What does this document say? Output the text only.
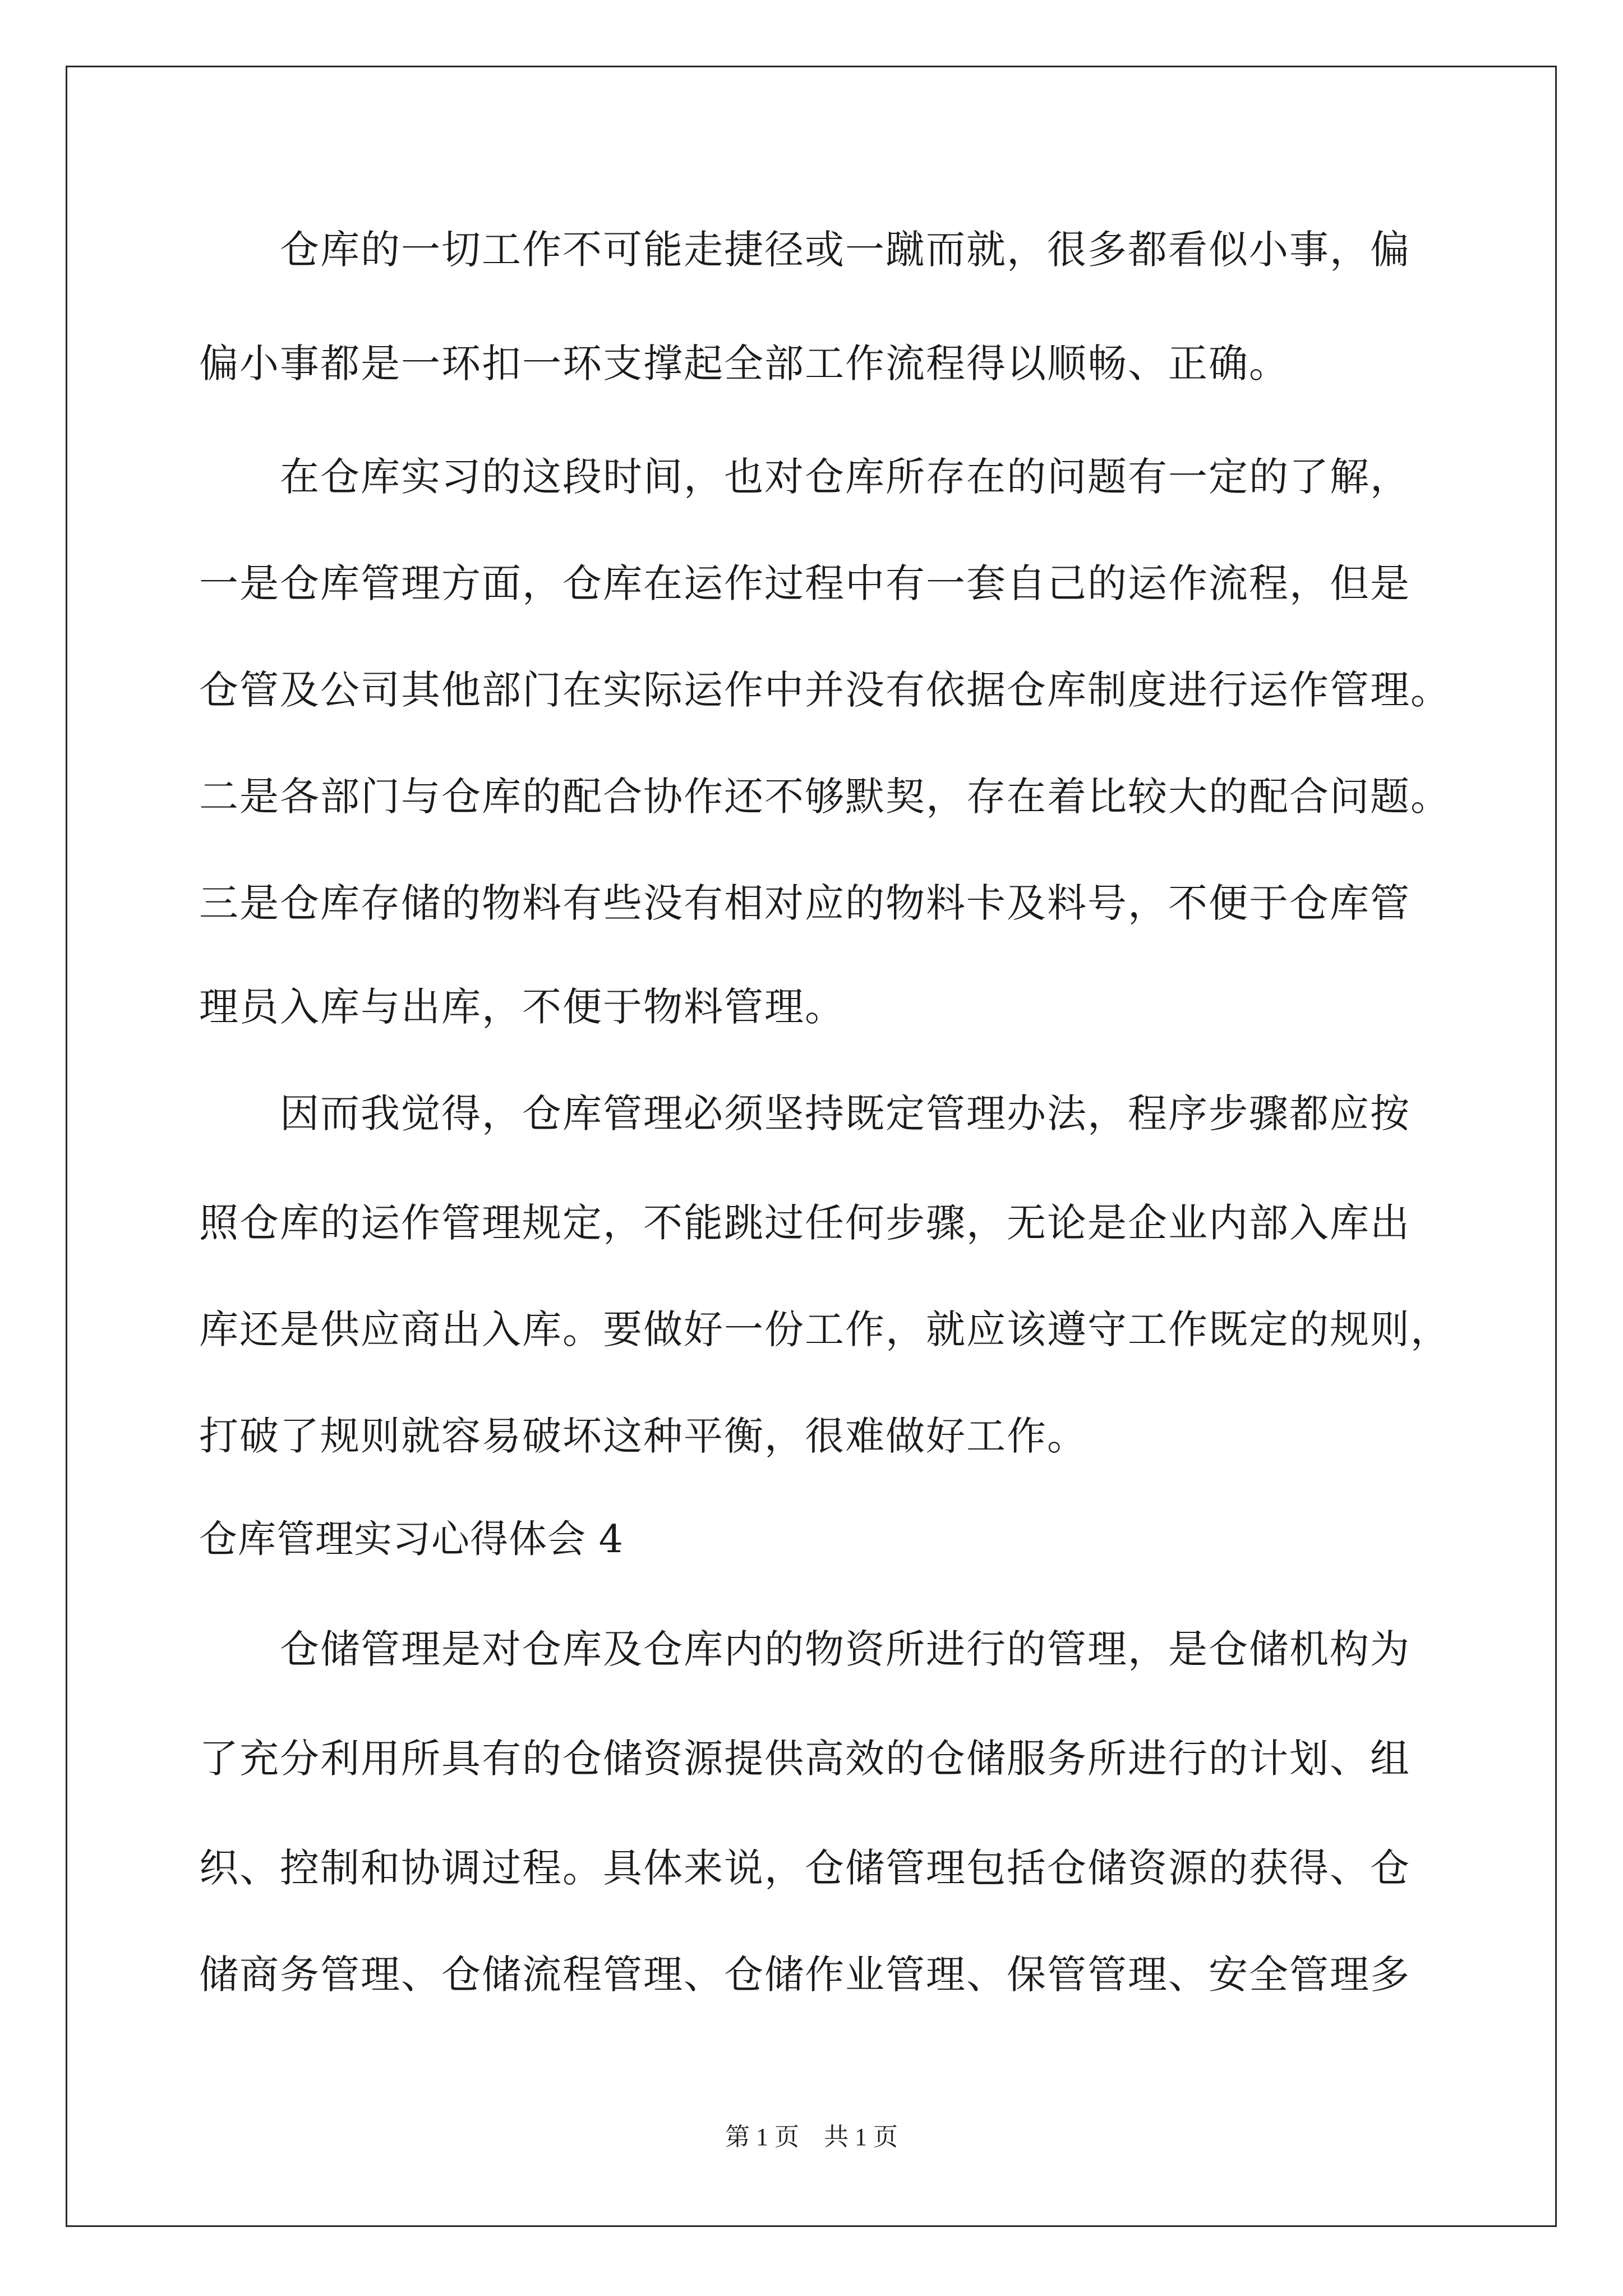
　　仓库的一切工作不可能走捷径或一蹴而就，很多都看似小事，偏
偏小事都是一环扣一环支撑起全部工作流程得以顺畅、正确。
　　在仓库实习的这段时间，也对仓库所存在的问题有一定的了解，
一是仓库管理方面，仓库在运作过程中有一套自己的运作流程，但是
仓管及公司其他部门在实际运作中并没有依据仓库制度进行运作管理。
二是各部门与仓库的配合协作还不够默契，存在着比较大的配合问题。
三是仓库存储的物料有些没有相对应的物料卡及料号，不便于仓库管
理员入库与出库，不便于物料管理。
　　因而我觉得，仓库管理必须坚持既定管理办法，程序步骤都应按
照仓库的运作管理规定，不能跳过任何步骤，无论是企业内部入库出
库还是供应商出入库。要做好一份工作，就应该遵守工作既定的规则，
打破了规则就容易破坏这种平衡，很难做好工作。
仓库管理实习心得体会 4
　　仓储管理是对仓库及仓库内的物资所进行的管理，是仓储机构为
了充分利用所具有的仓储资源提供高效的仓储服务所进行的计划、组
织、控制和协调过程。具体来说，仓储管理包括仓储资源的获得、仓
储商务管理、仓储流程管理、仓储作业管理、保管管理、安全管理多
第 1 页　共 1 页
